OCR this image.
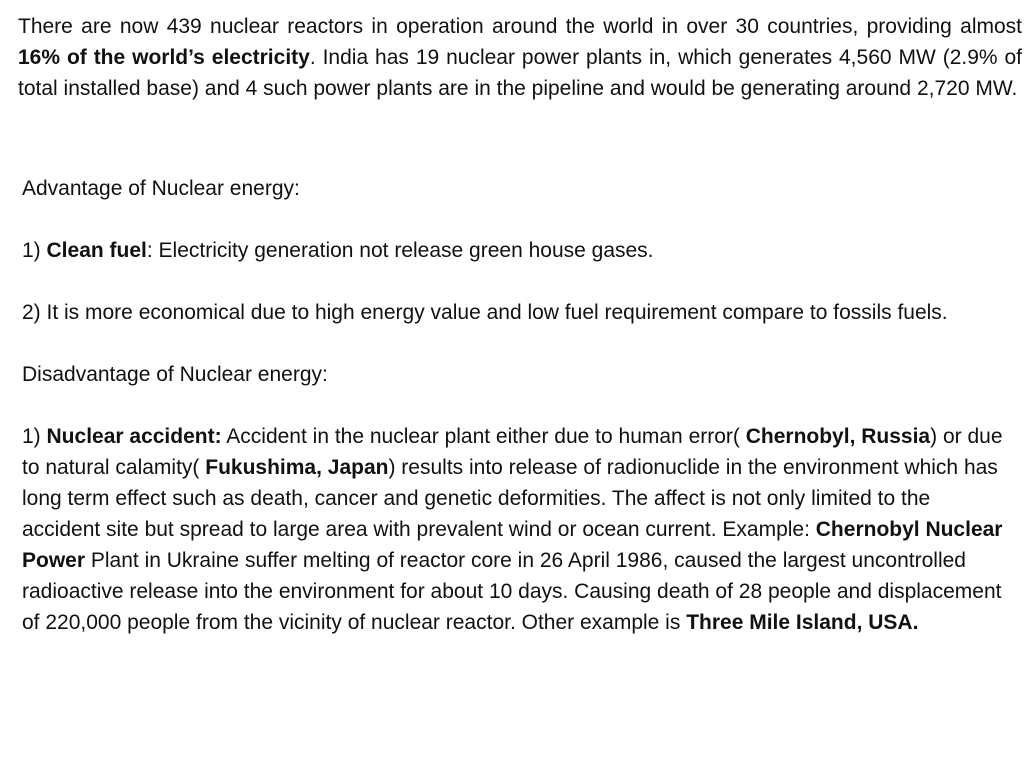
There are now 439 nuclear reactors in operation around the world in over 30 countries, providing almost 16% of the world’s electricity. India has 19 nuclear power plants in, which generates 4,560 MW (2.9% of total installed base) and 4 such power plants are in the pipeline and would be generating around 2,720 MW.

Advantage of Nuclear energy:
1) Clean fuel: Electricity generation not release green house gases.
2) It is more economical due to high energy value and low fuel requirement compare to fossils fuels.
Disadvantage of Nuclear energy:
1) Nuclear accident: Accident in the nuclear plant either due to human error( Chernobyl, Russia) or due to natural calamity( Fukushima, Japan) results into release of radionuclide in the environment which has long term effect such as death, cancer and genetic deformities. The affect is not only limited to the accident site but spread to large area with prevalent wind or ocean current. Example: Chernobyl Nuclear Power Plant in Ukraine suffer melting of reactor core in 26 April 1986, caused the largest uncontrolled radioactive release into the environment for about 10 days. Causing death of 28 people and displacement of 220,000 people from the vicinity of nuclear reactor. Other example is Three Mile Island, USA.
